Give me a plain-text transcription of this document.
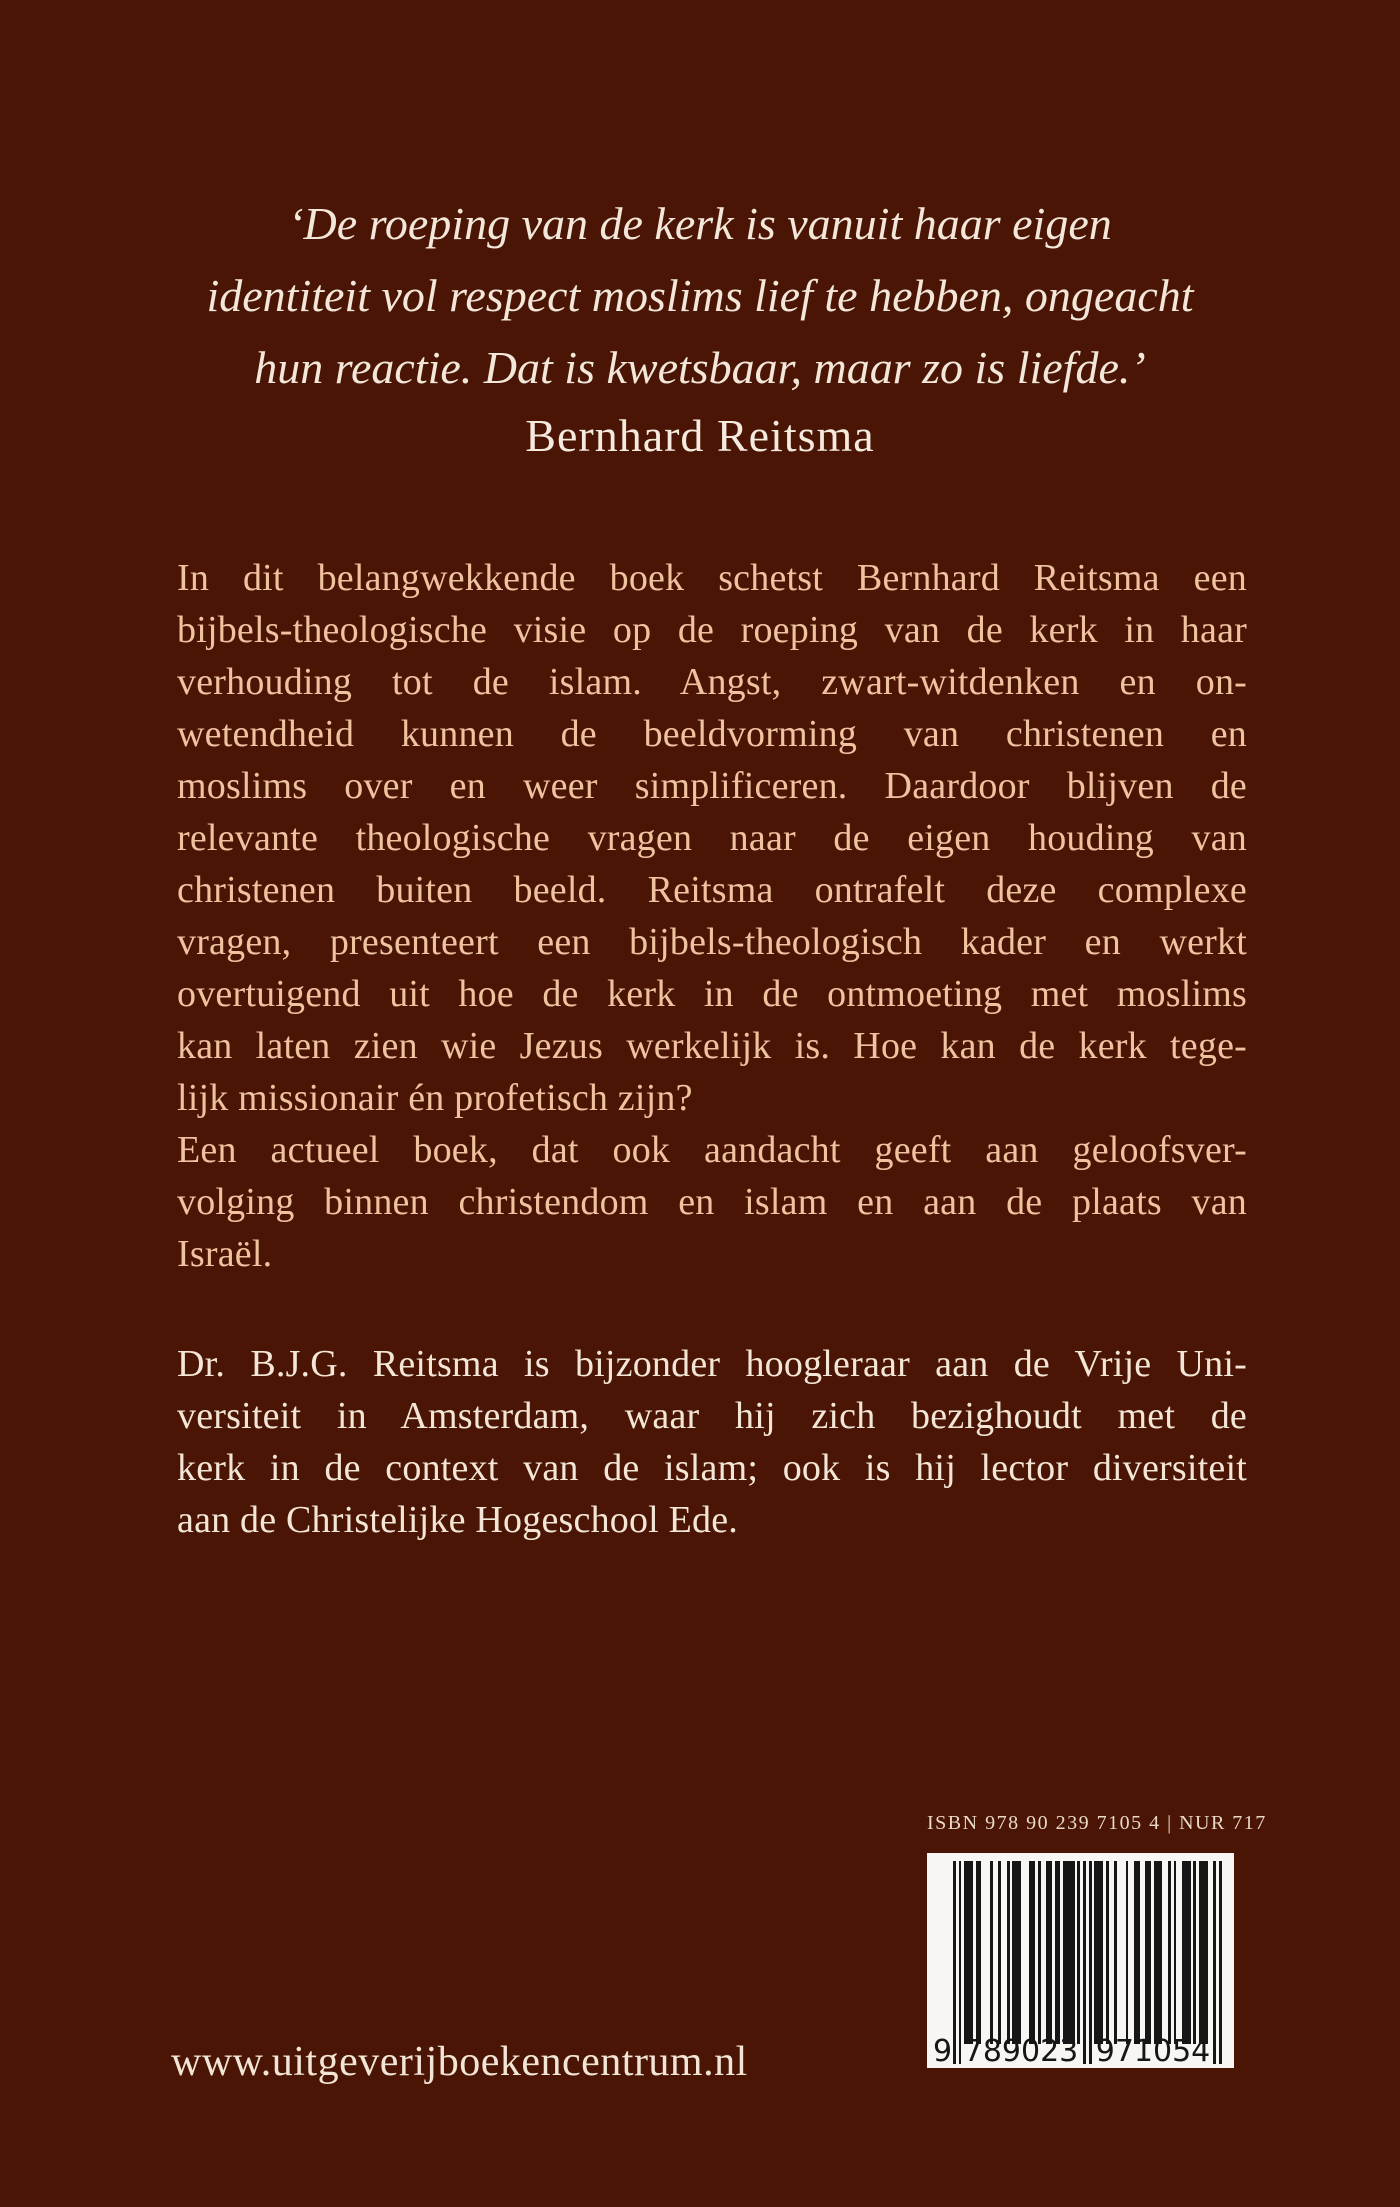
‘De roeping van de kerk is vanuit haar eigen
identiteit vol respect moslims lief te hebben, ongeacht
hun reactie. Dat is kwetsbaar, maar zo is liefde.’
Bernhard Reitsma
In dit belangwekkende boek schetst Bernhard Reitsma een
bijbels-theologische visie op de roeping van de kerk in haar
verhouding tot de islam. Angst, zwart-witdenken en on-
wetendheid kunnen de beeldvorming van christenen en
moslims over en weer simplificeren. Daardoor blijven de
relevante theologische vragen naar de eigen houding van
christenen buiten beeld. Reitsma ontrafelt deze complexe
vragen, presenteert een bijbels-theologisch kader en werkt
overtuigend uit hoe de kerk in de ontmoeting met moslims
kan laten zien wie Jezus werkelijk is. Hoe kan de kerk tege-
lijk missionair én profetisch zijn?
Een actueel boek, dat ook aandacht geeft aan geloofsver-
volging binnen christendom en islam en aan de plaats van
Israël.
Dr. B.J.G. Reitsma is bijzonder hoogleraar aan de Vrije Uni-
versiteit in Amsterdam, waar hij zich bezighoudt met de
kerk in de context van de islam; ook is hij lector diversiteit
aan de Christelijke Hogeschool Ede.
ISBN 978 90 239 7105 4 | NUR 717
9 789023 971054
www.uitgeverijboekencentrum.nl
